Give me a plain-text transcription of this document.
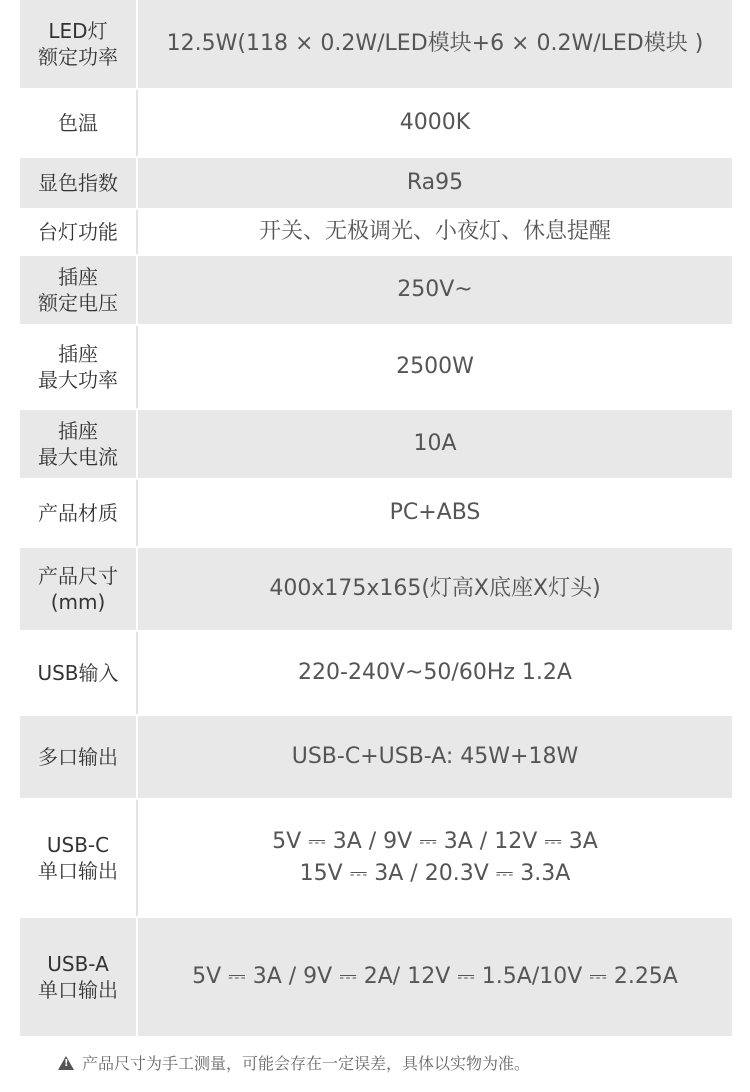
LED灯
额定功率	12.5W(118 × 0.2W/LED模块+6 × 0.2W/LED模块 )

色温	4000K

显色指数	Ra95

台灯功能	开关、无极调光、小夜灯、休息提醒

插座
额定电压	250V~

插座
最大功率	2500W

插座
最大电流	10A

产品材质	PC+ABS

产品尺寸
(mm)	400x175x165(灯高X底座X灯头)

USB输入	220-240V~50/60Hz 1.2A

多口输出	USB-C+USB-A: 45W+18W

USB-C
单口输出	5V ⎓ 3A / 9V ⎓ 3A / 12V ⎓ 3A
15V ⎓ 3A / 20.3V ⎓ 3.3A

USB-A
单口输出	5V ⎓ 3A / 9V ⎓ 2A/ 12V ⎓ 1.5A/10V ⎓ 2.25A
!产品尺寸为手工测量，可能会存在一定误差，具体以实物为准。
